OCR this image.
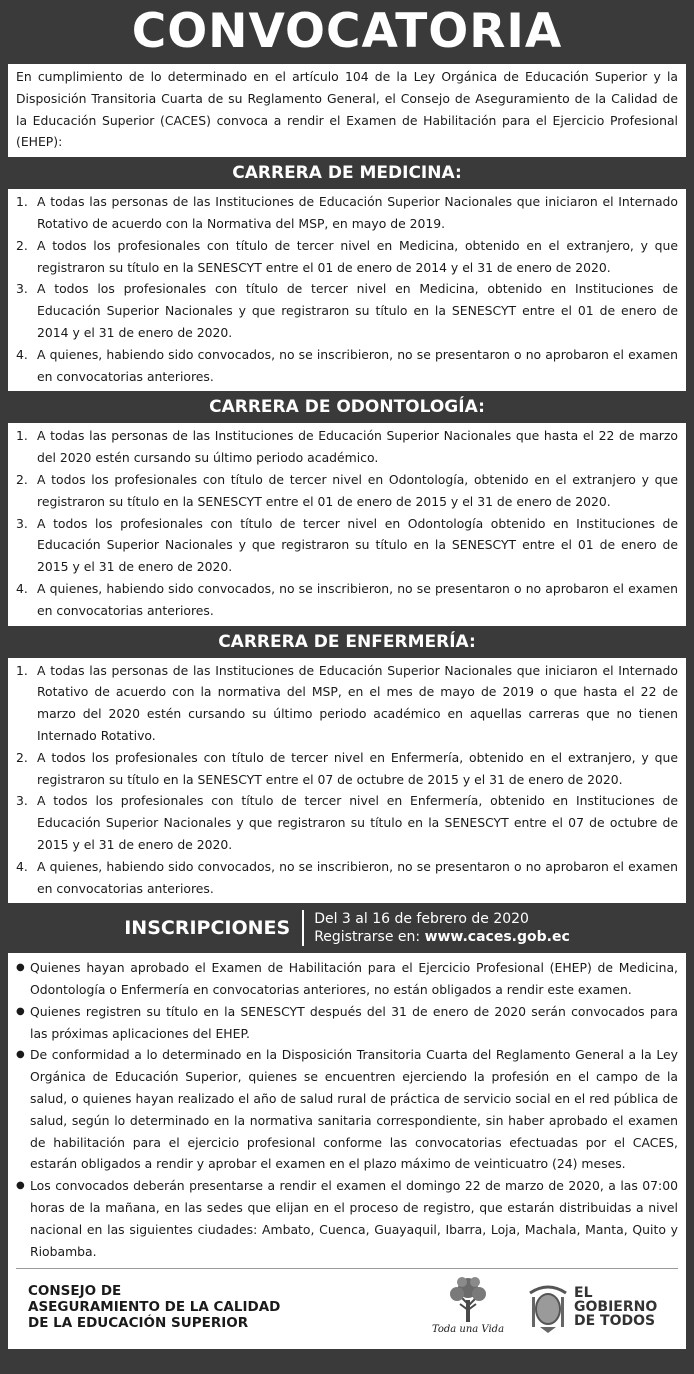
CONVOCATORIA
En cumplimiento de lo determinado en el artículo 104 de la Ley Orgánica de Educación Superior y la Disposición Transitoria Cuarta de su Reglamento General, el Consejo de Aseguramiento de la Calidad de la Educación Superior (CACES) convoca a rendir el Examen de Habilitación para el Ejercicio Profesional (EHEP):
CARRERA DE MEDICINA:
1. A todas las personas de las Instituciones de Educación Superior Nacionales que iniciaron el Internado Rotativo de acuerdo con la Normativa del MSP, en mayo de 2019.
2. A todos los profesionales con título de tercer nivel en Medicina, obtenido en el extranjero, y que registraron su título en la SENESCYT entre el 01 de enero de 2014 y el 31 de enero de 2020.
3. A todos los profesionales con título de tercer nivel en Medicina, obtenido en Instituciones de Educación Superior Nacionales y que registraron su título en la SENESCYT entre el 01 de enero de 2014 y el 31 de enero de 2020.
4. A quienes, habiendo sido convocados, no se inscribieron, no se presentaron o no aprobaron el examen en convocatorias anteriores.
CARRERA DE ODONTOLOGÍA:
1. A todas las personas de las Instituciones de Educación Superior Nacionales que hasta el 22 de marzo del 2020 estén cursando su último periodo académico.
2. A todos los profesionales con título de tercer nivel en Odontología, obtenido en el extranjero y que registraron su título en la SENESCYT entre el 01 de enero de 2015 y el 31 de enero de 2020.
3. A todos los profesionales con título de tercer nivel en Odontología obtenido en Instituciones de Educación Superior Nacionales y que registraron su título en la SENESCYT entre el 01 de enero de 2015 y el 31 de enero de 2020.
4. A quienes, habiendo sido convocados, no se inscribieron, no se presentaron o no aprobaron el examen en convocatorias anteriores.
CARRERA DE ENFERMERÍA:
1. A todas las personas de las Instituciones de Educación Superior Nacionales que iniciaron el Internado Rotativo de acuerdo con la normativa del MSP, en el mes de mayo de 2019 o que hasta el 22 de marzo del 2020 estén cursando su último periodo académico en aquellas carreras que no tienen Internado Rotativo.
2. A todos los profesionales con título de tercer nivel en Enfermería, obtenido en el extranjero, y que registraron su título en la SENESCYT entre el 07 de octubre de 2015 y el 31 de enero de 2020.
3. A todos los profesionales con título de tercer nivel en Enfermería, obtenido en Instituciones de Educación Superior Nacionales y que registraron su título en la SENESCYT entre el 07 de octubre de 2015 y el 31 de enero de 2020.
4. A quienes, habiendo sido convocados, no se inscribieron, no se presentaron o no aprobaron el examen en convocatorias anteriores.
INSCRIPCIONES	Del 3 al 16 de febrero de 2020
Registrarse en: www.caces.gob.ec
● Quienes hayan aprobado el Examen de Habilitación para el Ejercicio Profesional (EHEP) de Medicina, Odontología o Enfermería en convocatorias anteriores, no están obligados a rendir este examen.
● Quienes registren su título en la SENESCYT después del 31 de enero de 2020 serán convocados para las próximas aplicaciones del EHEP.
● De conformidad a lo determinado en la Disposición Transitoria Cuarta del Reglamento General a la Ley Orgánica de Educación Superior, quienes se encuentren ejerciendo la profesión en el campo de la salud, o quienes hayan realizado el año de salud rural de práctica de servicio social en el red pública de salud, según lo determinado en la normativa sanitaria correspondiente, sin haber aprobado el examen de habilitación para el ejercicio profesional conforme las convocatorias efectuadas por el CACES, estarán obligados a rendir y aprobar el examen en el plazo máximo de veinticuatro (24) meses.
● Los convocados deberán presentarse a rendir el examen el domingo 22 de marzo de 2020, a las 07:00 horas de la mañana, en las sedes que elijan en el proceso de registro, que estarán distribuidas a nivel nacional en las siguientes ciudades: Ambato, Cuenca, Guayaquil, Ibarra, Loja, Machala, Manta, Quito y Riobamba.
CONSEJO DE
ASEGURAMIENTO DE LA CALIDAD
DE LA EDUCACIÓN SUPERIOR	Toda una Vida
EL
GOBIERNO
DE TODOS
